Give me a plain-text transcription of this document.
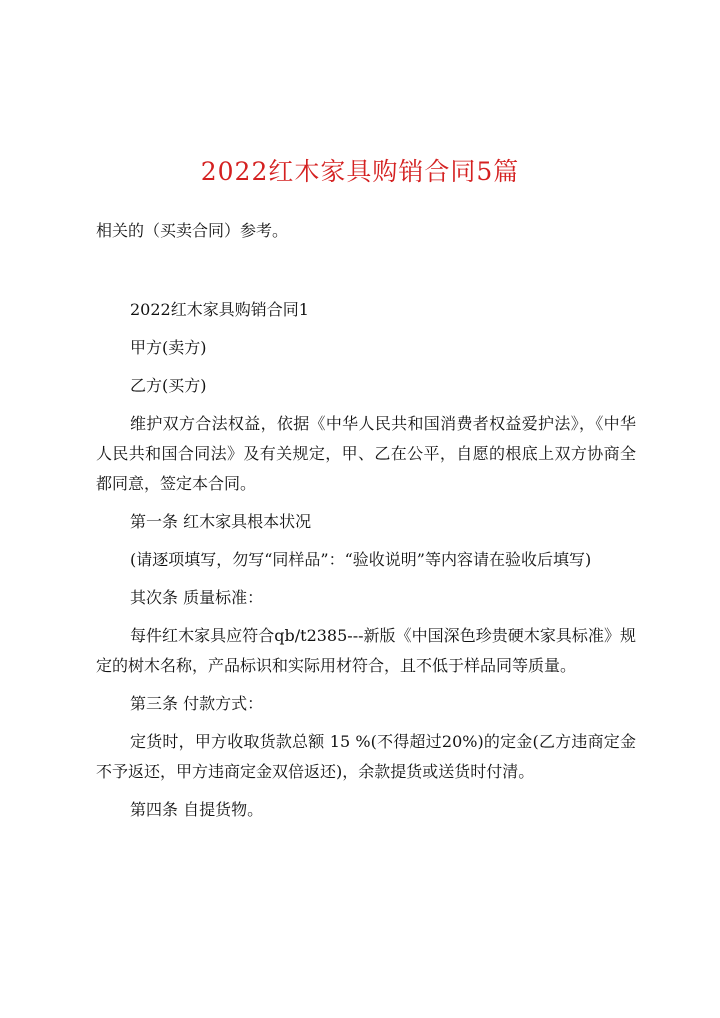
2022红木家具购销合同5篇
相关的（买卖合同）参考。

2022红木家具购销合同1

甲方(卖方)

乙方(买方)

维护双方合法权益，依据《中华人民共和国消费者权益爱护法》，《中华人民共和国合同法》及有关规定，甲、乙在公平，自愿的根底上双方协商全都同意，签定本合同。

第一条 红木家具根本状况

(请逐项填写，勿写“同样品”：“验收说明”等内容请在验收后填写)

其次条 质量标准：

每件红木家具应符合qb/t2385---新版《中国深色珍贵硬木家具标准》规定的树木名称，产品标识和实际用材符合，且不低于样品同等质量。

第三条 付款方式：

定货时，甲方收取货款总额 15 %(不得超过20%)的定金(乙方违商定金不予返还，甲方违商定金双倍返还)，余款提货或送货时付清。

第四条 自提货物。
